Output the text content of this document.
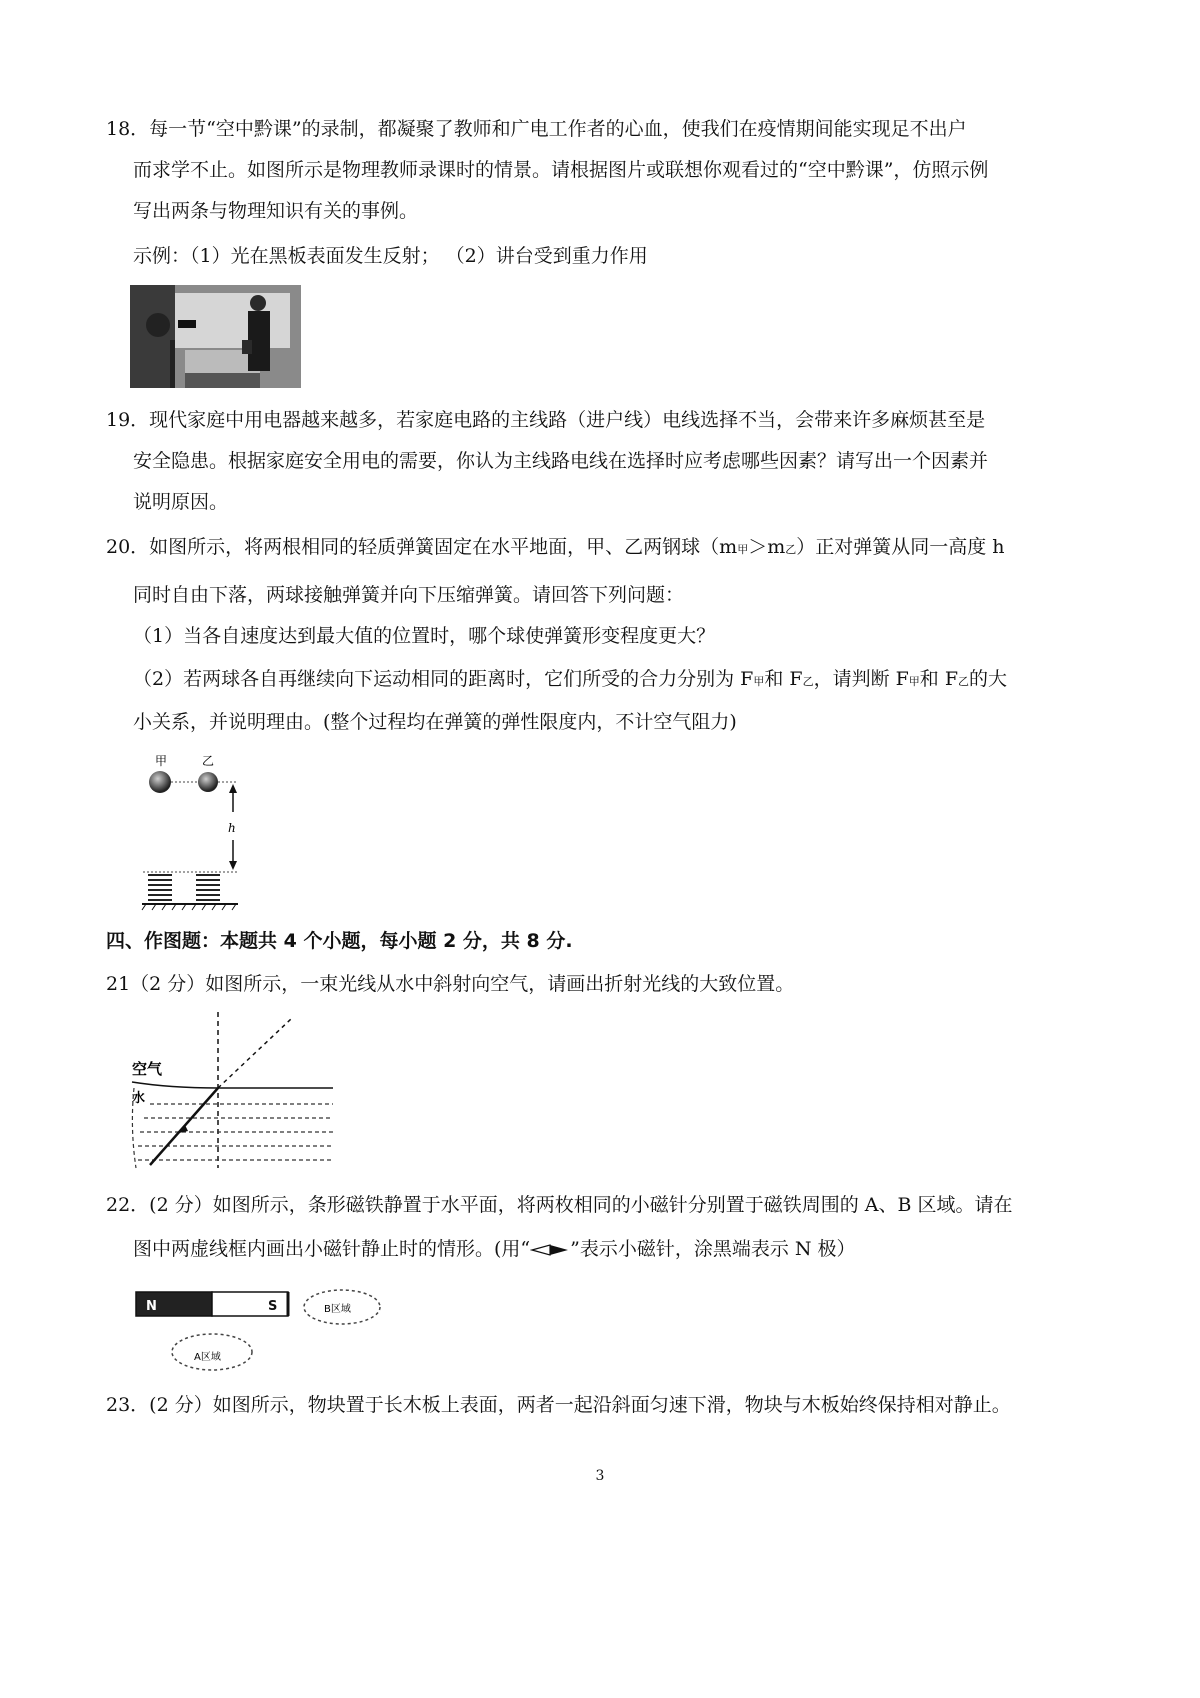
18．每一节“空中黔课”的录制，都凝聚了教师和广电工作者的心血，使我们在疫情期间能实现足不出户
而求学不止。如图所示是物理教师录课时的情景。请根据图片或联想你观看过的“空中黔课”，仿照示例
写出两条与物理知识有关的事例。
示例：（1）光在黑板表面发生反射； （2）讲台受到重力作用
19．现代家庭中用电器越来越多，若家庭电路的主线路（进户线）电线选择不当，会带来许多麻烦甚至是
安全隐患。根据家庭安全用电的需要，你认为主线路电线在选择时应考虑哪些因素？请写出一个因素并
说明原因。
20．如图所示，将两根相同的轻质弹簧固定在水平地面，甲、乙两钢球（m甲＞m乙）正对弹簧从同一高度 h
同时自由下落，两球接触弹簧并向下压缩弹簧。请回答下列问题：
（1）当各自速度达到最大值的位置时，哪个球使弹簧形变程度更大？
（2）若两球各自再继续向下运动相同的距离时，它们所受的合力分别为 F甲和 F乙，请判断 F甲和 F乙的大
小关系，并说明理由。(整个过程均在弹簧的弹性限度内，不计空气阻力)
甲	乙
h
四、作图题：本题共 4 个小题，每小题 2 分，共 8 分.
21（2 分）如图所示，一束光线从水中斜射向空气，请画出折射光线的大致位置。
空气
水
22．(2 分）如图所示，条形磁铁静置于水平面，将两枚相同的小磁针分别置于磁铁周围的 A、B 区域。请在
图中两虚线框内画出小磁针静止时的情形。(用“ ”表示小磁针，涂黑端表示 N 极）
N	S	B区域
A区域
23．(2 分）如图所示，物块置于长木板上表面，两者一起沿斜面匀速下滑，物块与木板始终保持相对静止。
3
